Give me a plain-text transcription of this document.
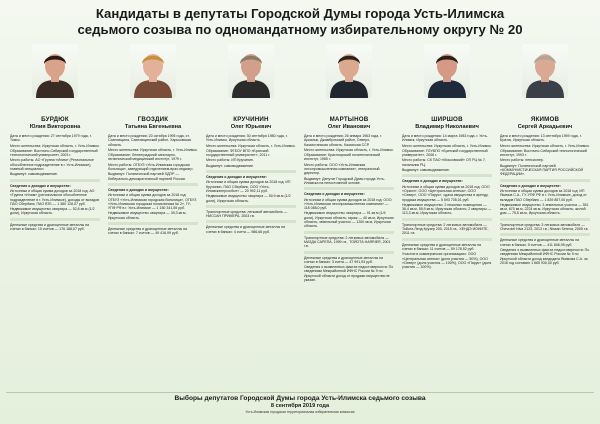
Кандидаты в депутаты Городской Думы города Усть-Илимска
седьмого созыва по одномандатному избирательному округу № 20
БУРДЮК
Юлия Викторовна

Дата и место рождения: 27 сентября 1979 года, г. Томск.

Место жительства: Иркутская область, г. Усть-Илимск.

Образование: Восточно-Сибирский государственный технологический университет, 2003 г.

Место работы: АО «Группа «Илим» (Региональное обособленное подразделение в г. Усть-Илимске), главный специалист.

Выдвинут: самовыдвижение.

Сведения о доходах и имуществе:

Источники и общая сумма доходов за 2018 год: АО «Группа «Илим» (региональное обособленное подразделение в г. Усть-Илимске), доходы от вкладов ПАО Сбербанк, ПАО ВТБ — 1 380 128,07 руб.

Недвижимое имущество: квартира — 52,6 кв.м (1/2 доли), Иркутская область.

Денежные средства и драгоценные металлы на счетах в банках: 10 счетов — 176 188,07 руб.

ГВОЗДИК
Татьяна Евгеньевна

Дата и место рождения: 20 октября 1995 года, ст. Сахновщина, Сахновщинский район, Харьковская область.

Место жительства: Иркутская область, г. Усть-Илимск.

Образование: Ленинградский санитарно-гигиенический медицинский институт, 1979 г.

Место работы: ОГБУЗ «Усть-Илимская городская больница», заведующий отделением-врач-педиатр.

Выдвинут: Политической партией ЛДПР — Либерально-демократической партией России.

Сведения о доходах и имуществе:

Источники и общая сумма доходов за 2018 год: ОГБУЗ «Усть-Илимская городская больница», ОГБУЗ «Усть-Илимская городская поликлиника № 2», ГУ-УПФ РФ в г. Усть-Илимске — 1 150 341,55 руб.

Недвижимое имущество: квартира — 39,3 кв.м, Иркутская область.

Денежные средства и драгоценные металлы на счетах в банках: 7 счетов — 49 416,99 руб.

КРУЧИНИН
Олег Юрьевич

Дата и место рождения: 30 сентября 1980 года, г. Усть-Илимск, Иркутская область.

Место жительства: Иркутская область, г. Усть-Илимск.

Образование: ФГБОУ ВПО «Братский государственный университет», 2011 г.

Место работы: ИП Кручинин.

Выдвинут: самовыдвижение.

Сведения о доходах и имуществе:

Источники и общая сумма доходов за 2018 год: ИП Кручинин, ПАО Сбербанк, ООО «Усть-Илимскэнергосбыт» — 20 992,11 руб.

Недвижимое имущество: квартира — 50,9 кв.м (1/2 доли), Иркутская область.

Транспортные средства: легковой автомобиль — НИССАН ПРИМЕРА, 2003 г.в.

Денежные средства и драгоценные металлы на счетах в банках: 4 счета — 986,66 руб.

МАРТЫНОВ
Олег Иванович

Дата и место рождения: 26 января 1963 года, г. Аркалык, Джамбульский район, Северо-Казахстанская область, Казахская ССР.

Место жительства: Иркутская область, г. Усть-Илимск.

Образование: Красноярский политехнический институт, 1985 г.

Место работы: ООО «Усть-Илимская лесопромышленная компания», генеральный директор.

Выдвинут: Депутат Городской Думы города Усть-Илимска на непостоянной основе.

Сведения о доходах и имуществе:

Источники и общая сумма доходов за 2018 год: ООО «Усть-Илимская лесопромышленная компания» — 118 088,0 руб.

Недвижимое имущество: квартира — 91 кв.м (1/4 доли), Иркутская область; гараж — 40 кв.м, Иркутская область; земельный участок — 1200 кв.м, Иркутская область.

Транспортные средства: 2 легковых автомобиля — МАЗДА САРЕПА, 1999 г.в., ТОЙОТА HARRIER, 2001 г.в.

Денежные средства и драгоценные металлы на счетах в банках: 3 счета — 47 991,93 руб.

Сведения о выявленных фактах недостоверности: По сведениям Межрайонной ИФНС России № 9 по Иркутской области доход от продажи имущества не указан.

ШИРШОВ
Владимир Николаевич

Дата и место рождения: 14 марта 1983 года, г. Усть-Илимск, Иркутская область.

Место жительства: Иркутская область, г. Усть-Илимск.

Образование: ГОУВПО «Братский государственный университет», 2006 г.

Место работы: СК ПАО «Московский» ОП РЦ № 7, начальник РЦ.

Выдвинут: самовыдвижение.

Сведения о доходах и имуществе:

Источники и общая сумма доходов за 2018 год: ООО «Орион», ООО «Центральная аптека», ООО «Север», ООО «Парус», сдача имущества в аренду, продажа имущества — 5 593 735,01 руб.

Недвижимое имущество: 2 нежилых помещения — 36,4 кв.м, 55,9 кв.м, Иркутская область; 2 квартиры — 113,3 кв.м, Иркутская область.

Транспортные средства: 2 легковых автомобиля — Тойота Ленд Крузер 200, 2015 г.в., ХЕНДЭ ИОНИТЕ, 2011 г.в.

Денежные средства и драгоценные металлы на счетах в банках: 11 счетов — 59 178,52 руб.

Участие в коммерческих организациях: ООО «Центральная аптека» (доля участия — 50%), ООО «Север» (доля участия — 100%), ООО «Парус» (доля участия — 100%).

ЯКИМОВ
Сергей Аркадьевич

Дата и место рождения: 13 сентября 1959 года, г. Братск, Иркутская область.

Место жительства: Иркутская область, г. Усть-Илимск.

Образование: Восточно-Сибирский технологический институт, 1993 г.

Место работы: пенсионер.

Выдвинут: Политической партией «КОММУНИСТИЧЕСКАЯ ПАРТИЯ РОССИЙСКОЙ ФЕДЕРАЦИИ».

Сведения о доходах и имуществе:

Источники и общая сумма доходов за 2018 год: ИП Якимов С.А., ГУ-УПФ РФ в г. Усть-Илимске, доход от вкладов ПАО Сбербанк — 1 839 857,00 руб.

Недвижимое имущество: 3 земельных участка — 351 кв.м, 670 кв.м, 2224 кв.м, Иркутская область; жилой дом — 75,5 кв.м, Иркутская область.

Транспортные средства: 3 легковых автомобиля — Chevrolet Niva 2123, 2013 г.в.; Nissan Serena, 2005 г.в.

Денежные средства и драгоценные металлы на счетах в банках: 5 счетов — 411 606,95 руб.

Сведения о выявленных фактах недостоверности: По сведениям Межрайонной ИФНС России № 9 по Иркутской области доход кандидата Якимова С.А. за 2018 год составил 1 665 930,00 руб.

Выборы депутатов Городской Думы города Усть-Илимска седьмого созыва
8 сентября 2019 года
Усть-Илимская городская территориальная избирательная комиссия
